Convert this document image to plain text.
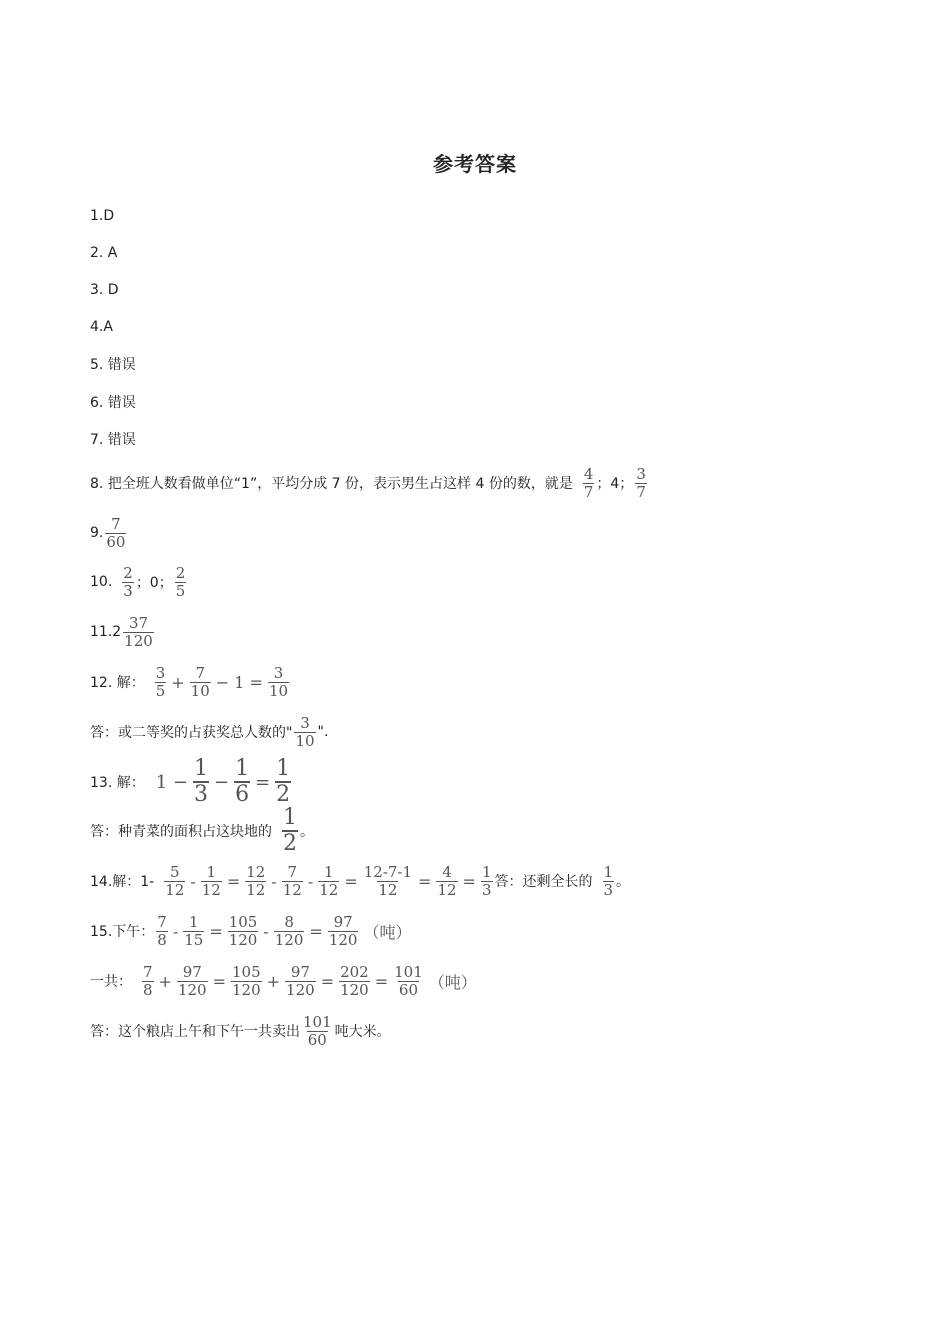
参考答案
1.D
2. A
3. D
4.A
5. 错误
6. 错误
7. 错误
8. 把全班人数看做单位“1”，平均分成 7 份，表示男生占这样 4 份的数，就是 $\frac{4}{7}$ ；4； $\frac{3}{7}$
9. $\frac{7}{60}$
10. $\frac{2}{3}$ ；0； $\frac{2}{5}$
$11.2 \frac{37}{120}$
12. 解： $\frac{3}{5} + \frac{7}{10} - 1 = \frac{3}{10}$
答：或二等奖的占获奖总人数的" $\frac{3}{10}$ ".
13. 解： $1 - \frac{1}{3} - \frac{1}{6} = \frac{1}{2}$
答：种青菜的面积占这块地的 $\frac{1}{2}$ 。
14.解：$1- \frac{5}{12} - \frac{1}{12} = \frac{12}{12} - \frac{7}{12} - \frac{1}{12} = \frac{12-7-1}{12} = \frac{4}{12} = \frac{1}{3}$ 答：还剩全长的 $\frac{1}{3}$ 。
15.下午： $\frac{7}{8} - \frac{1}{15} = \frac{105}{120} - \frac{8}{120} = \frac{97}{120}$ （吨）
一共： $\frac{7}{8} + \frac{97}{120} = \frac{105}{120} + \frac{97}{120} = \frac{202}{120} = \frac{101}{60}$ （吨）
答：这个粮店上午和下午一共卖出 $\frac{101}{60}$ 吨大米。
